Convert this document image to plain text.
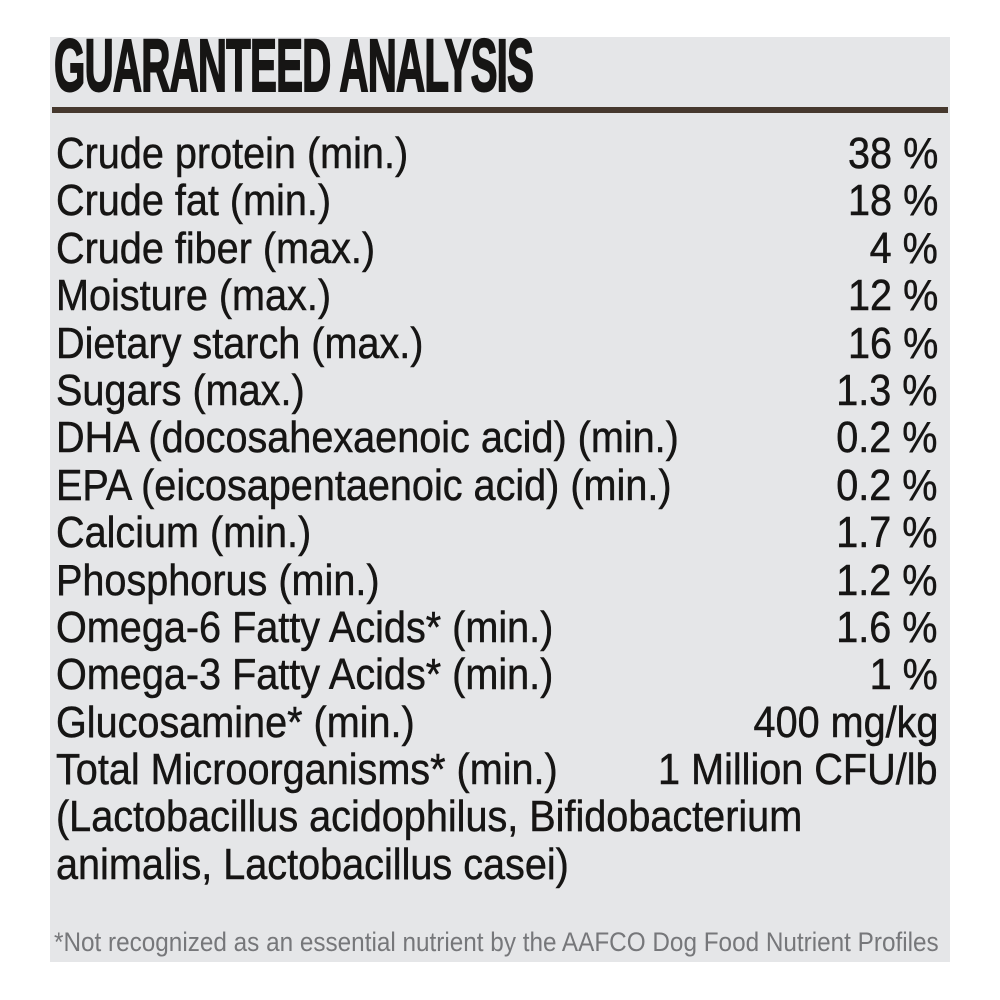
GUARANTEED ANALYSIS
Crude protein (min.)	38 %
Crude fat (min.)	18 %
Crude fiber (max.)	4 %
Moisture (max.)	12 %
Dietary starch (max.)	16 %
Sugars (max.)	1.3 %
DHA (docosahexaenoic acid) (min.)	0.2 %
EPA (eicosapentaenoic acid) (min.)	0.2 %
Calcium (min.)	1.7 %
Phosphorus (min.)	1.2 %
Omega-6 Fatty Acids* (min.)	1.6 %
Omega-3 Fatty Acids* (min.)	1 %
Glucosamine* (min.)	400 mg/kg
Total Microorganisms* (min.) 1 Million CFU/lb
(Lactobacillus acidophilus, Bifidobacterium
animalis, Lactobacillus casei)
*Not recognized as an essential nutrient by the AAFCO Dog Food Nutrient Profiles
